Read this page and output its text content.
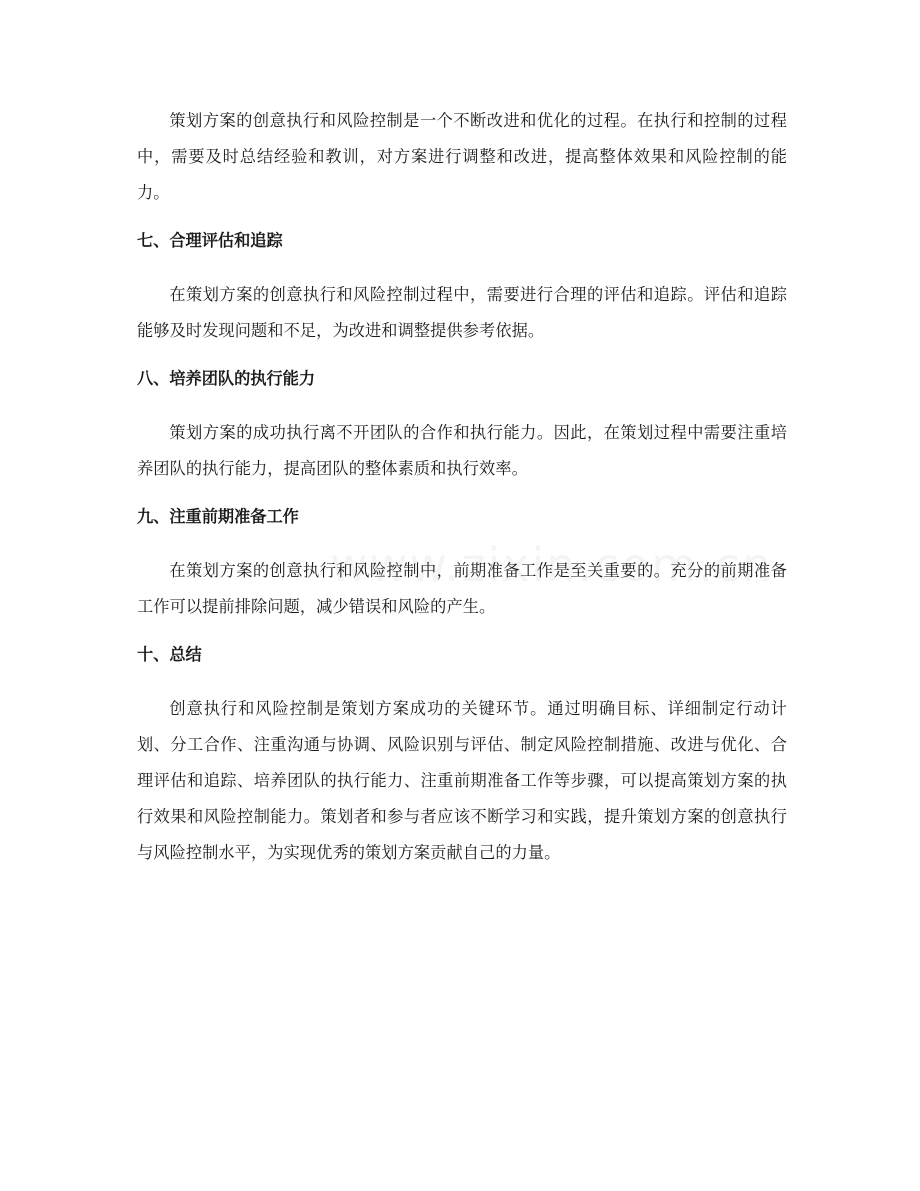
策划方案的创意执行和风险控制是一个不断改进和优化的过程。在执行和控制的过程中，需要及时总结经验和教训，对方案进行调整和改进，提高整体效果和风险控制的能力。

七、合理评估和追踪

在策划方案的创意执行和风险控制过程中，需要进行合理的评估和追踪。评估和追踪能够及时发现问题和不足，为改进和调整提供参考依据。

八、培养团队的执行能力

策划方案的成功执行离不开团队的合作和执行能力。因此，在策划过程中需要注重培养团队的执行能力，提高团队的整体素质和执行效率。

九、注重前期准备工作

在策划方案的创意执行和风险控制中，前期准备工作是至关重要的。充分的前期准备工作可以提前排除问题，减少错误和风险的产生。

十、总结

创意执行和风险控制是策划方案成功的关键环节。通过明确目标、详细制定行动计划、分工合作、注重沟通与协调、风险识别与评估、制定风险控制措施、改进与优化、合理评估和追踪、培养团队的执行能力、注重前期准备工作等步骤，可以提高策划方案的执行效果和风险控制能力。策划者和参与者应该不断学习和实践，提升策划方案的创意执行与风险控制水平，为实现优秀的策划方案贡献自己的力量。
